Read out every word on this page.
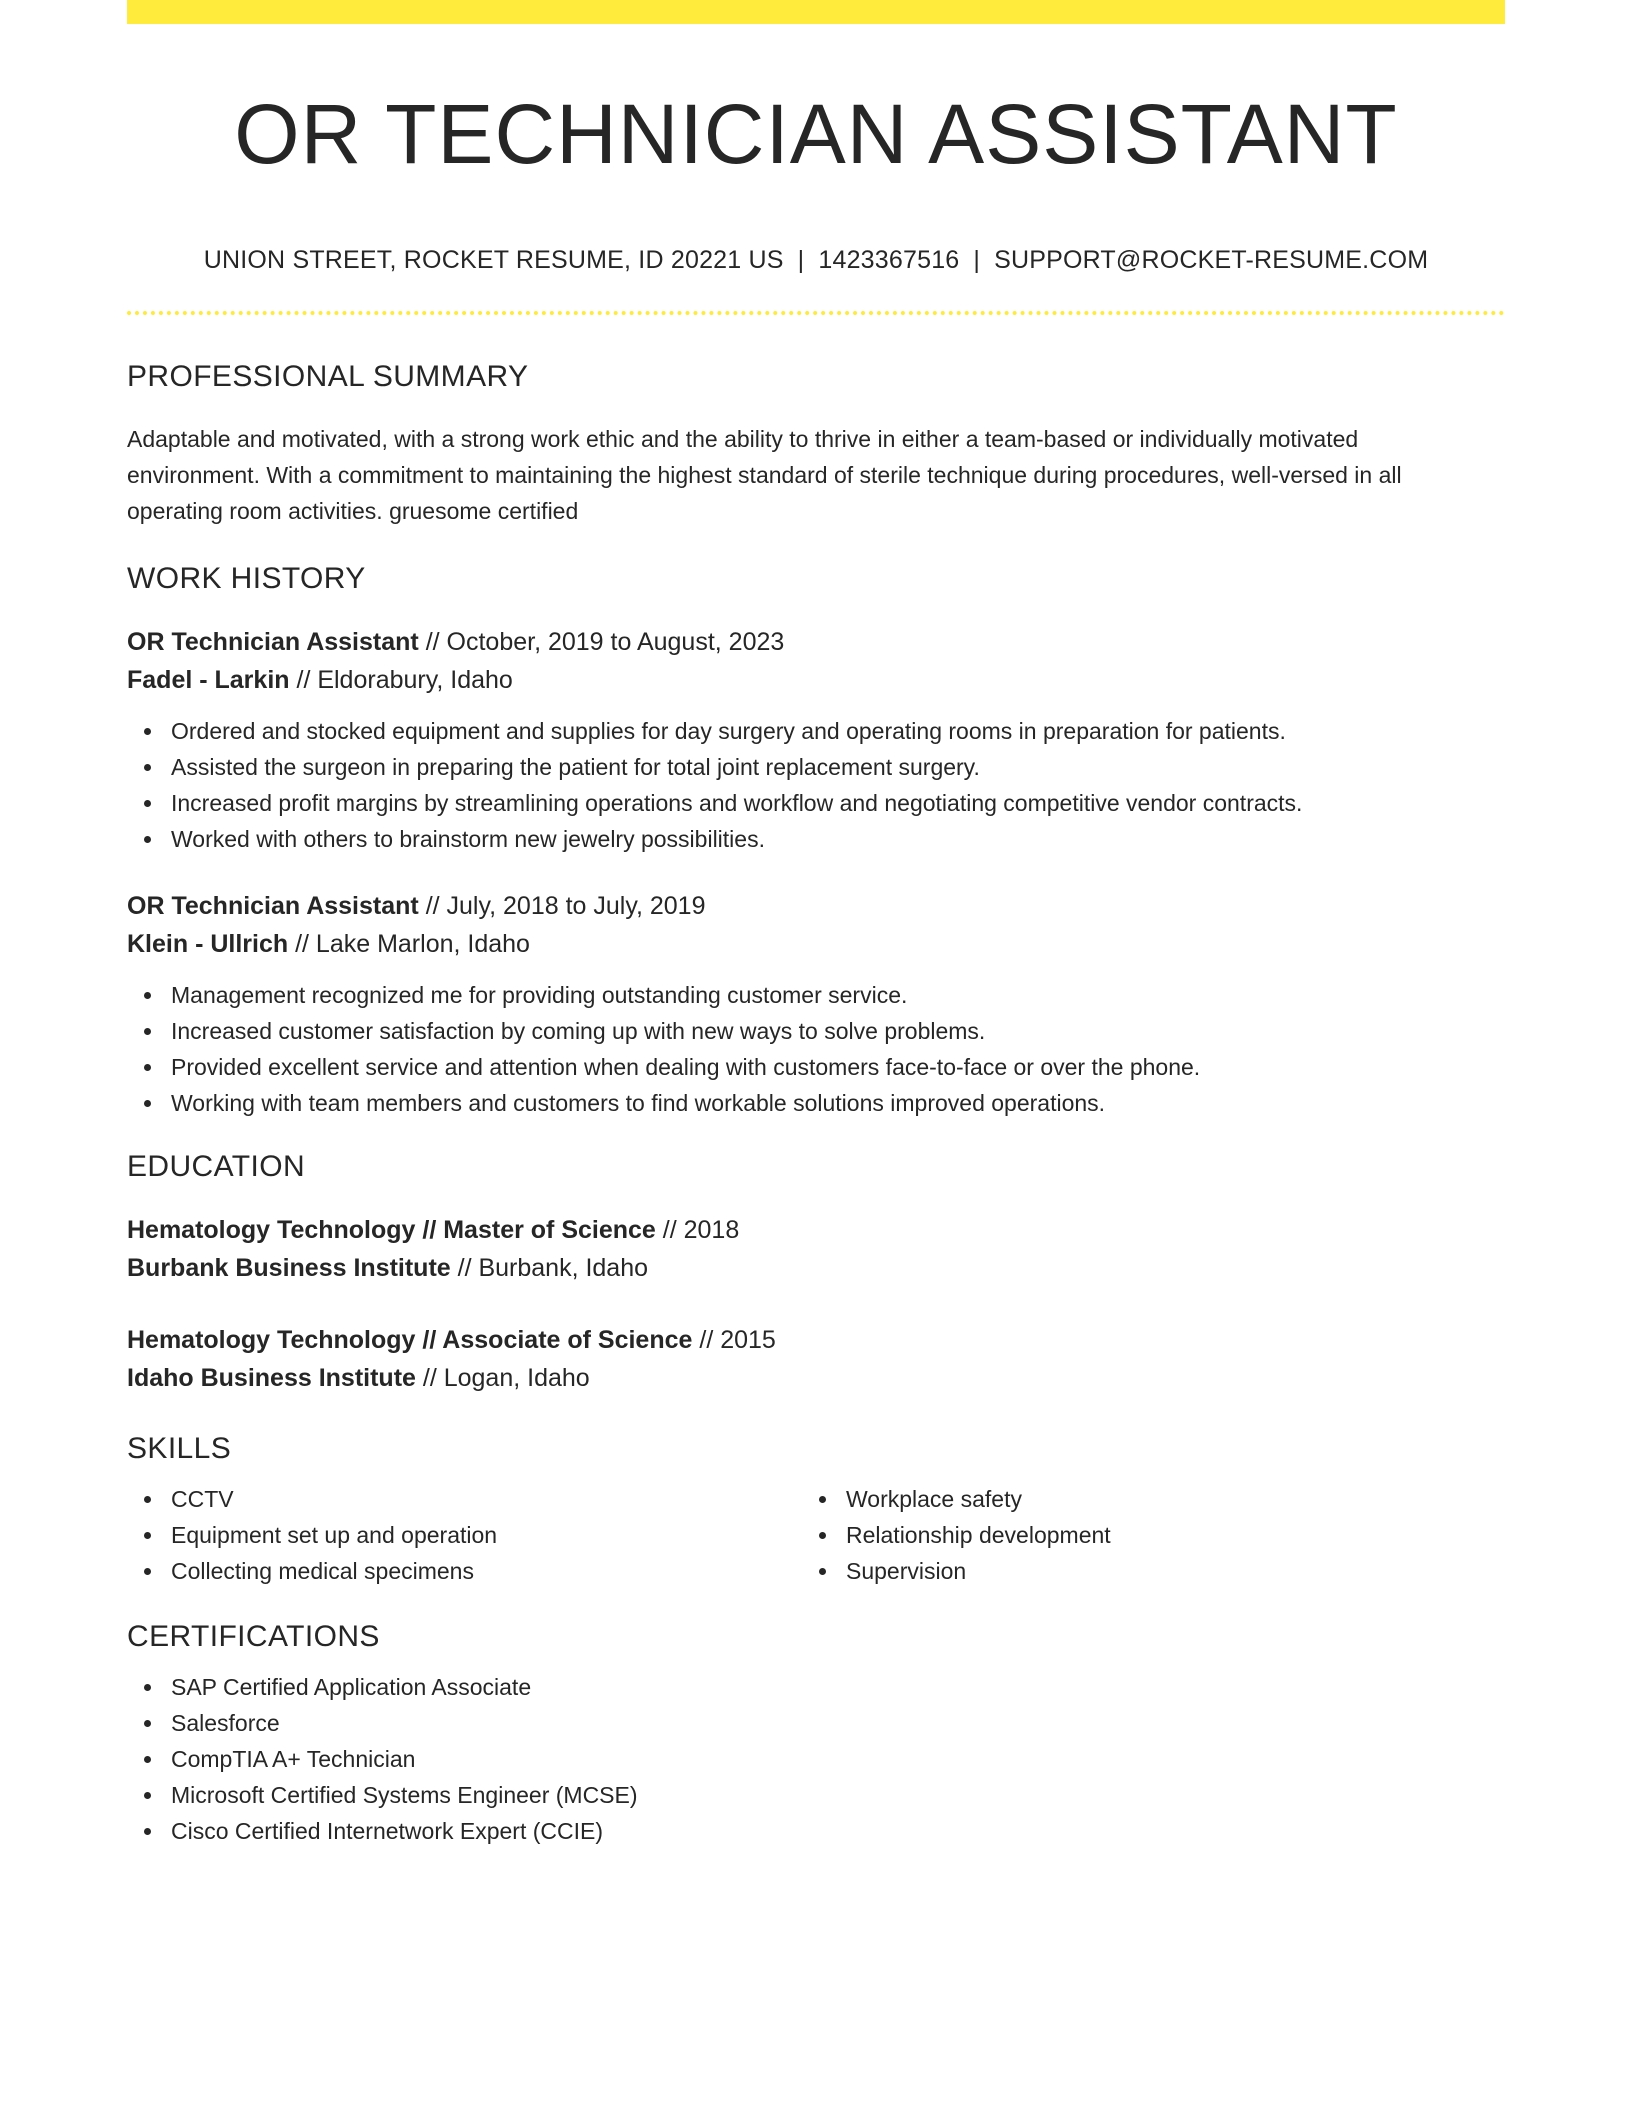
OR TECHNICIAN ASSISTANT
UNION STREET, ROCKET RESUME, ID 20221 US | 1423367516 | SUPPORT@ROCKET-RESUME.COM
PROFESSIONAL SUMMARY
Adaptable and motivated, with a strong work ethic and the ability to thrive in either a team-based or individually motivated environment. With a commitment to maintaining the highest standard of sterile technique during procedures, well-versed in all operating room activities. gruesome certified
WORK HISTORY
OR Technician Assistant // October, 2019 to August, 2023
Fadel - Larkin // Eldorabury, Idaho
Ordered and stocked equipment and supplies for day surgery and operating rooms in preparation for patients.
Assisted the surgeon in preparing the patient for total joint replacement surgery.
Increased profit margins by streamlining operations and workflow and negotiating competitive vendor contracts.
Worked with others to brainstorm new jewelry possibilities.
OR Technician Assistant // July, 2018 to July, 2019
Klein - Ullrich // Lake Marlon, Idaho
Management recognized me for providing outstanding customer service.
Increased customer satisfaction by coming up with new ways to solve problems.
Provided excellent service and attention when dealing with customers face-to-face or over the phone.
Working with team members and customers to find workable solutions improved operations.
EDUCATION
Hematology Technology // Master of Science // 2018
Burbank Business Institute // Burbank, Idaho
Hematology Technology // Associate of Science // 2015
Idaho Business Institute // Logan, Idaho
SKILLS
CCTV
Equipment set up and operation
Collecting medical specimens
Workplace safety
Relationship development
Supervision
CERTIFICATIONS
SAP Certified Application Associate
Salesforce
CompTIA A+ Technician
Microsoft Certified Systems Engineer (MCSE)
Cisco Certified Internetwork Expert (CCIE)
